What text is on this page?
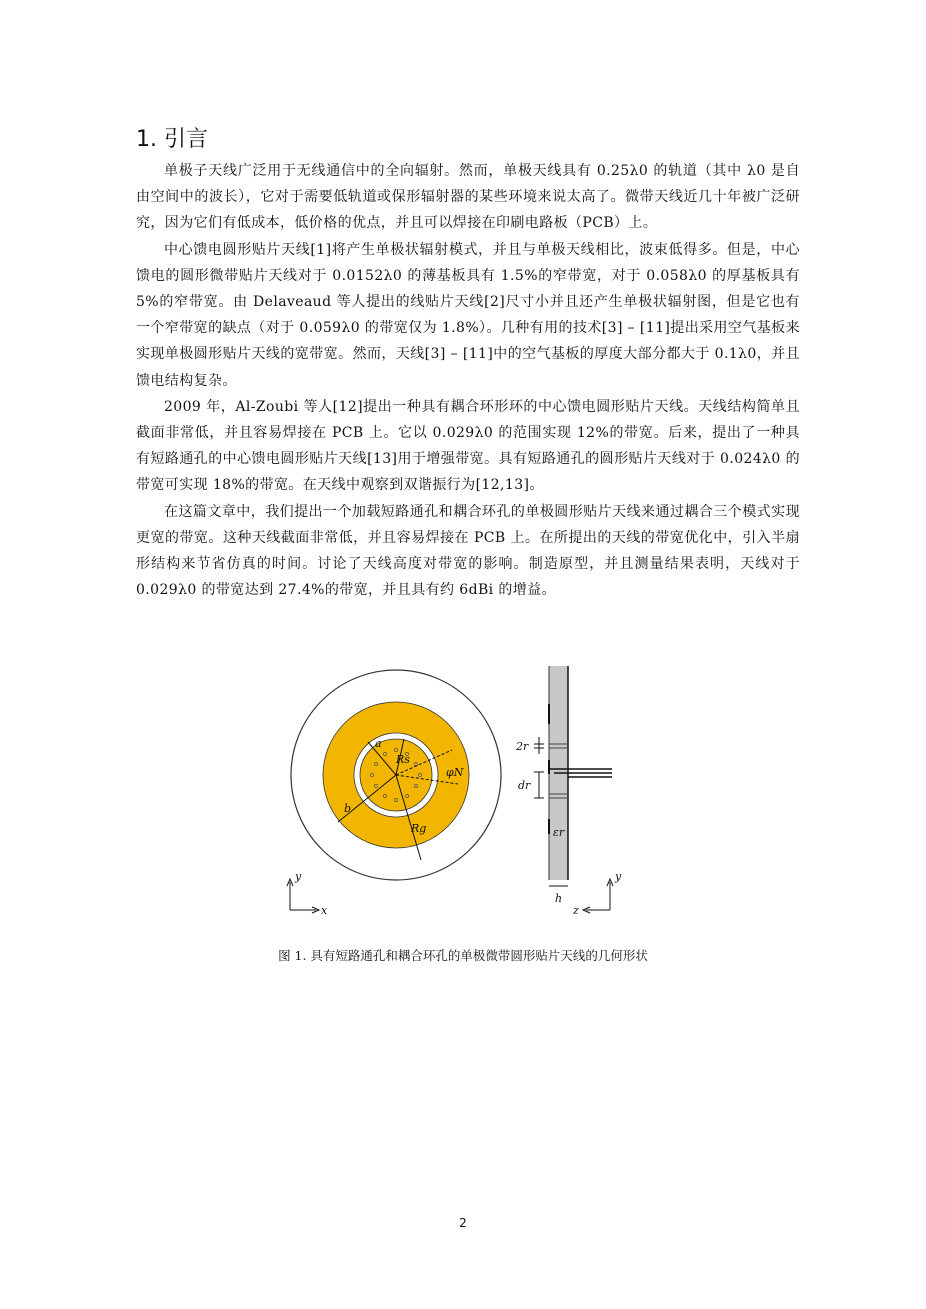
1. 引言

单极子天线广泛用于无线通信中的全向辐射。然而，单极天线具有 0.25λ0 的轨道（其中 λ0 是自由空间中的波长），它对于需要低轨道或保形辐射器的某些环境来说太高了。微带天线近几十年被广泛研究，因为它们有低成本，低价格的优点，并且可以焊接在印刷电路板（PCB）上。

中心馈电圆形贴片天线[1]将产生单极状辐射模式，并且与单极天线相比，波束低得多。但是，中心馈电的圆形微带贴片天线对于 0.0152λ0 的薄基板具有 1.5%的窄带宽，对于 0.058λ0 的厚基板具有 5%的窄带宽。由 Delaveaud 等人提出的线贴片天线[2]尺寸小并且还产生单极状辐射图，但是它也有一个窄带宽的缺点（对于 0.059λ0 的带宽仅为 1.8%）。几种有用的技术[3] – [11]提出采用空气基板来实现单极圆形贴片天线的宽带宽。然而，天线[3] – [11]中的空气基板的厚度大部分都大于 0.1λ0，并且馈电结构复杂。

2009 年，Al-Zoubi 等人[12]提出一种具有耦合环形环的中心馈电圆形贴片天线。天线结构简单且截面非常低，并且容易焊接在 PCB 上。它以 0.029λ0 的范围实现 12%的带宽。后来，提出了一种具有短路通孔的中心馈电圆形贴片天线[13]用于增强带宽。具有短路通孔的圆形贴片天线对于 0.024λ0 的带宽可实现 18%的带宽。在天线中观察到双谐振行为[12,13]。

在这篇文章中，我们提出一个加载短路通孔和耦合环孔的单极圆形贴片天线来通过耦合三个模式实现更宽的带宽。这种天线截面非常低，并且容易焊接在 PCB 上。在所提出的天线的带宽优化中，引入半扇形结构来节省仿真的时间。讨论了天线高度对带宽的影响。制造原型，并且测量结果表明，天线对于 0.029λ0 的带宽达到 27.4%的带宽，并且具有约 6dBi 的增益。

a
Rs
φN
b
Rg
y
x
2r
dr
εr
h
y
z
图 1. 具有短路通孔和耦合环孔的单极微带圆形贴片天线的几何形状
2
